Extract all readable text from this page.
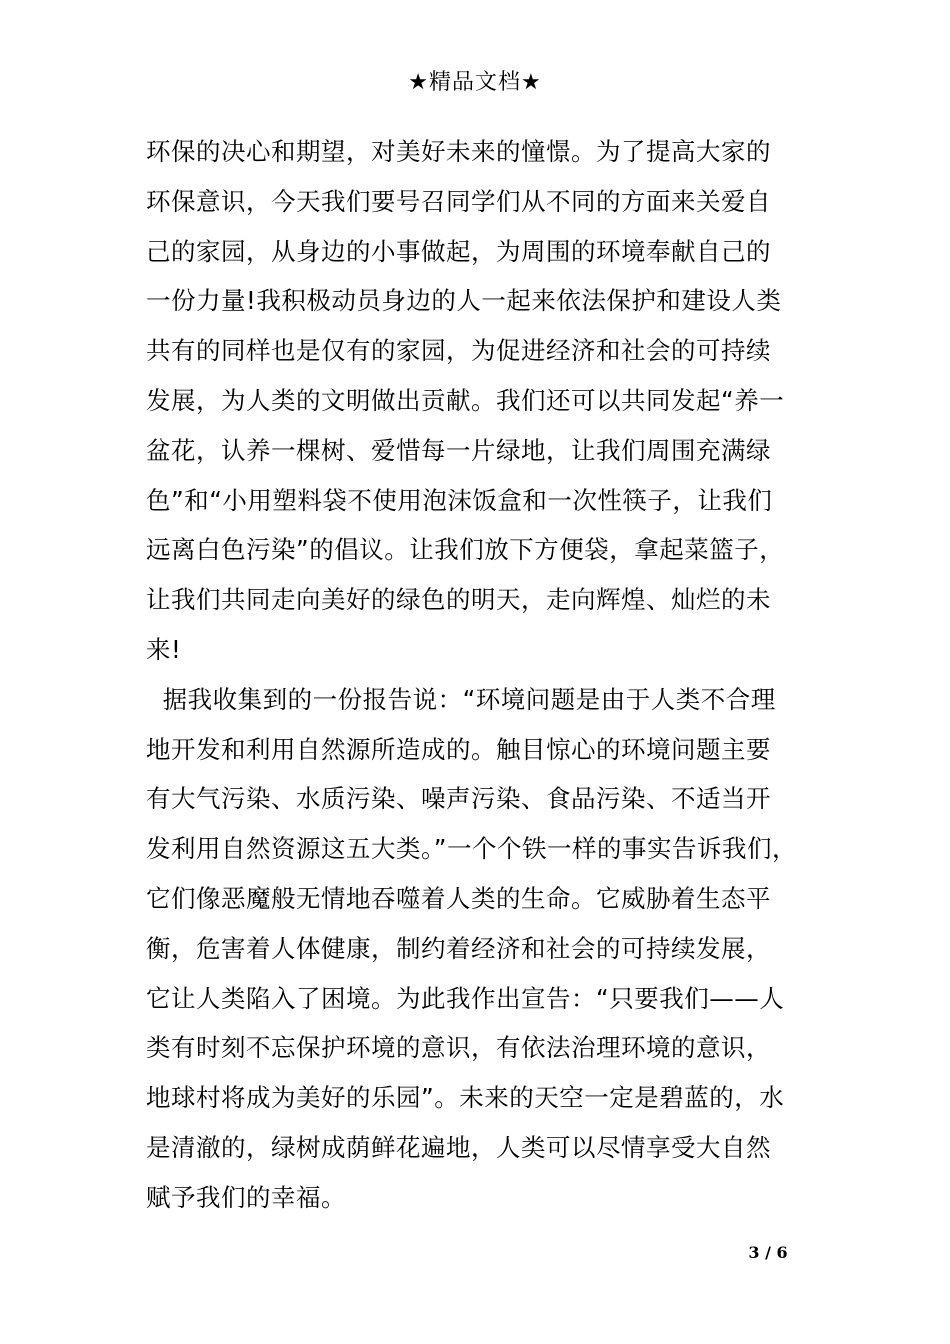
★精品文档★
环保的决心和期望，对美好未来的憧憬。为了提高大家的
环保意识，今天我们要号召同学们从不同的方面来关爱自
己的家园，从身边的小事做起，为周围的环境奉献自己的
一份力量!我积极动员身边的人一起来依法保护和建设人类
共有的同样也是仅有的家园，为促进经济和社会的可持续
发展，为人类的文明做出贡献。我们还可以共同发起“养一
盆花，认养一棵树、爱惜每一片绿地，让我们周围充满绿
色”和“小用塑料袋不使用泡沫饭盒和一次性筷子，让我们
远离白色污染”的倡议。让我们放下方便袋，拿起菜篮子，
让我们共同走向美好的绿色的明天，走向辉煌、灿烂的未
来!
据我收集到的一份报告说：“环境问题是由于人类不合理
地开发和利用自然源所造成的。触目惊心的环境问题主要
有大气污染、水质污染、噪声污染、食品污染、不适当开
发利用自然资源这五大类。”一个个铁一样的事实告诉我们，
它们像恶魔般无情地吞噬着人类的生命。它威胁着生态平
衡，危害着人体健康，制约着经济和社会的可持续发展，
它让人类陷入了困境。为此我作出宣告：“只要我们——人
类有时刻不忘保护环境的意识，有依法治理环境的意识，
地球村将成为美好的乐园”。未来的天空一定是碧蓝的，水
是清澈的，绿树成荫鲜花遍地，人类可以尽情享受大自然
赋予我们的幸福。
3 / 6
